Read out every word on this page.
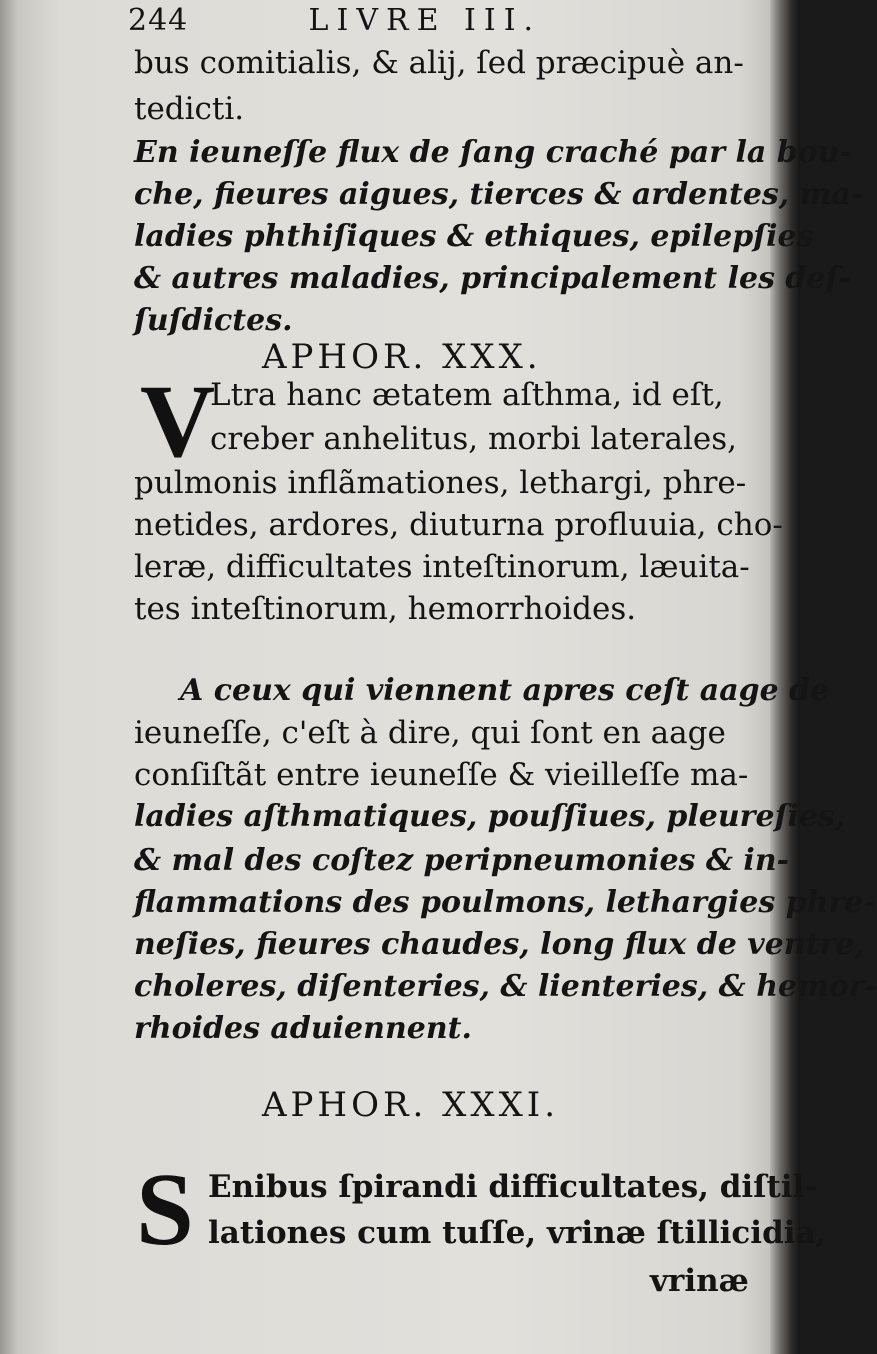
244	LIVRE III.
bus comitialis, & alij, ſed præcipuè an-
tedicti.
En ieuneſſe flux de ſang craché par la bou-
che, fieures aigues, tierces & ardentes, ma-
ladies phthiſiques & ethiques, epilepſies
& autres maladies, principalement les deſ-
ſuſdictes.
APHOR. XXX.
V
Ltra hanc ætatem aſthma, id eſt,
creber anhelitus, morbi laterales,
pulmonis inflãmationes, lethargi, phre-
netides, ardores, diuturna profluuia, cho-
leræ, difficultates inteſtinorum, læuita-
tes inteſtinorum, hemorrhoides.
A ceux qui viennent apres ceſt aage de
ieuneſſe, c'eſt à dire, qui ſont en aage
conſiſtãt entre ieuneſſe & vieilleſſe ma-
ladies aſthmatiques, pouſſiues, pleureſies,
& mal des coſtez peripneumonies & in-
flammations des poulmons, lethargies phre-
neſies, fieures chaudes, long flux de ventre,
choleres, diſenteries, & lienteries, & hemor-
rhoides aduiennent.
APHOR. XXXI.
S Enibus ſpirandi difficultates, diſtil-
lationes cum tuſſe, vrinæ ſtillicidia,
vrinæ
